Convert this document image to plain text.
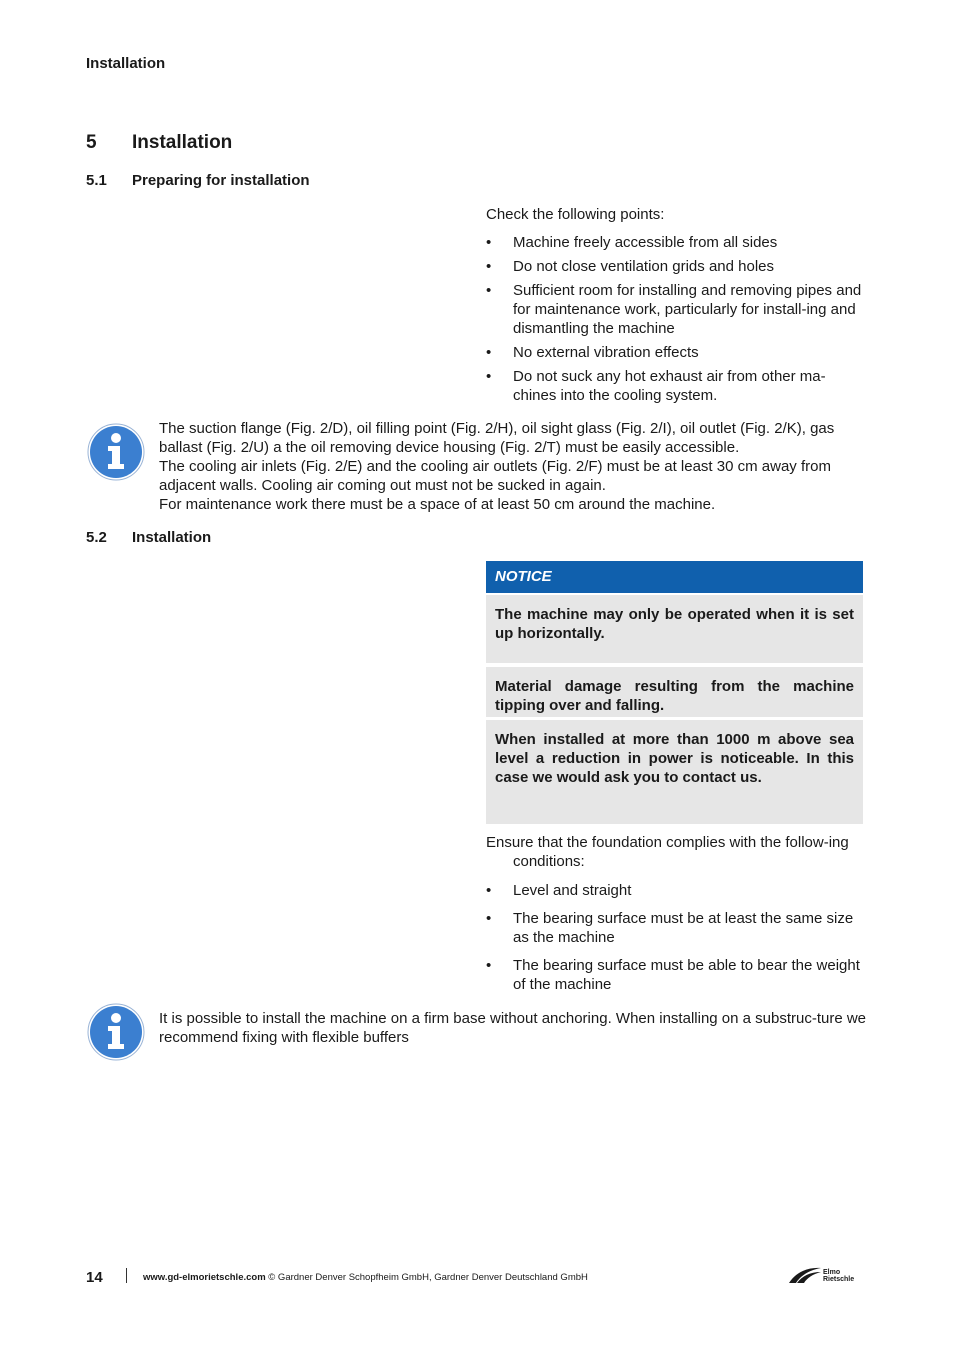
Installation
5 Installation
5.1 Preparing for installation
Check the following points:
• Machine freely accessible from all sides
• Do not close ventilation grids and holes
• Sufficient room for installing and removing pipes and for maintenance work, particularly for install-ing and dismantling the machine
• No external vibration effects
• Do not suck any hot exhaust air from other ma-chines into the cooling system.
The suction flange (Fig. 2/D), oil filling point (Fig. 2/H), oil sight glass (Fig. 2/I), oil outlet (Fig. 2/K), gas ballast (Fig. 2/U) a the oil removing device housing (Fig. 2/T) must be easily accessible.
The cooling air inlets (Fig. 2/E) and the cooling air outlets (Fig. 2/F) must be at least 30 cm away from adjacent walls. Cooling air coming out must not be sucked in again.
For maintenance work there must be a space of at least 50 cm around the machine.
5.2 Installation
NOTICE
The machine may only be operated when it is set up horizontally.
Material damage resulting from the machine tipping over and falling.
When installed at more than 1000 m above sea level a reduction in power is noticeable. In this case we would ask you to contact us.
Ensure that the foundation complies with the follow-ing conditions:
• Level and straight
• The bearing surface must be at least the same size as the machine
• The bearing surface must be able to bear the weight of the machine
It is possible to install the machine on a firm base without anchoring. When installing on a substruc-ture we recommend fixing with flexible buffers
14	www.gd-elmorietschle.com © Gardner Denver Schopfheim GmbH, Gardner Denver Deutschland GmbH	Elmo
Rietschle
